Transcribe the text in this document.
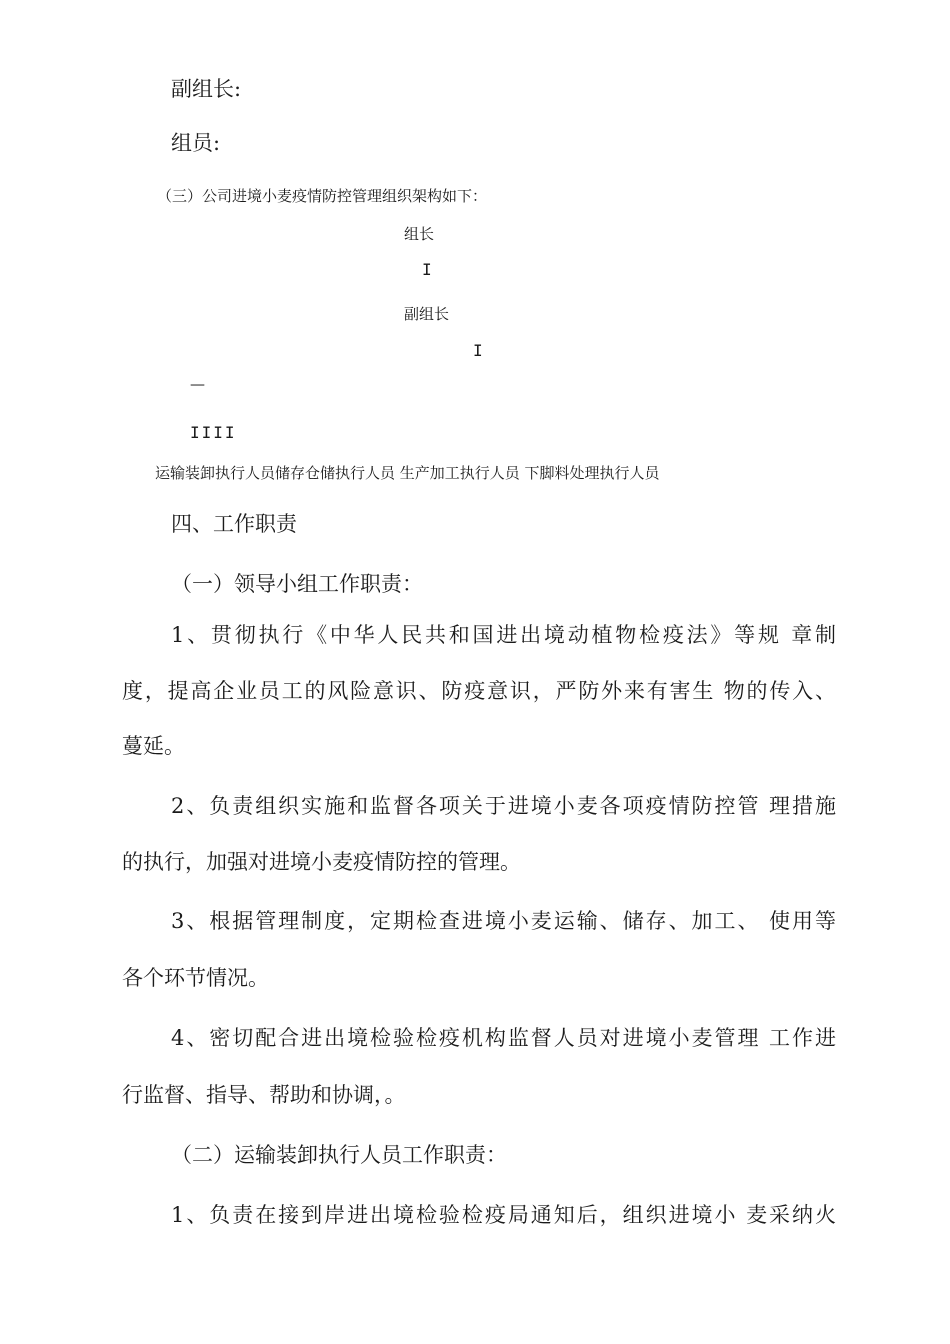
副组长:
组员:
（三）公司进境小麦疫情防控管理组织架构如下：
组长
I
副组长
I
—
IIII
运输装卸执行人员储存仓储执行人员 生产加工执行人员 下脚料处理执行人员
四、工作职责
（一）领导小组工作职责：
1、贯彻执行《中华人民共和国进出境动植物检疫法》等规 章制
度，提高企业员工的风险意识、防疫意识，严防外来有害生 物的传入、
蔓延。
2、负责组织实施和监督各项关于进境小麦各项疫情防控管 理措施
的执行，加强对进境小麦疫情防控的管理。
3、根据管理制度，定期检查进境小麦运输、储存、加工、 使用等
各个环节情况。
4、密切配合进出境检验检疫机构监督人员对进境小麦管理 工作进
行监督、指导、帮助和协调，。
（二）运输装卸执行人员工作职责：
1、负责在接到岸进出境检验检疫局通知后，组织进境小 麦采纳火
